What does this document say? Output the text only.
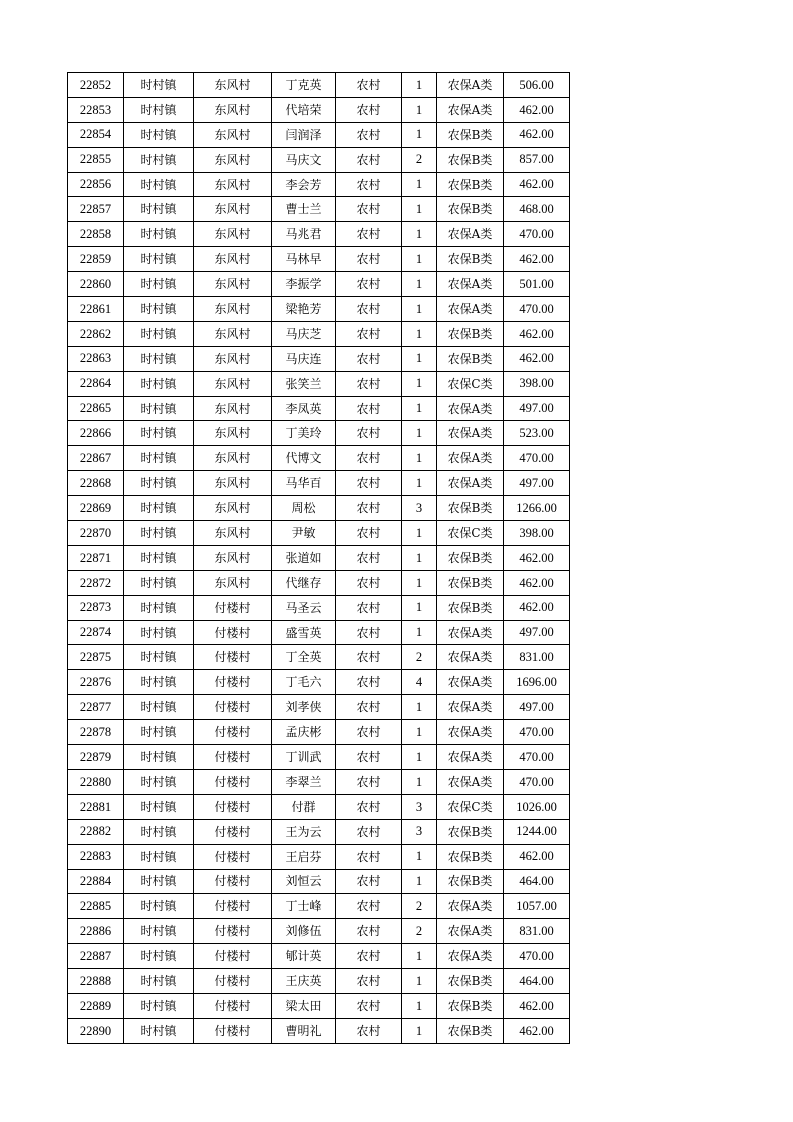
22852	时村镇	东风村	丁克英	农村	1	农保A类	506.00
22853	时村镇	东风村	代培荣	农村	1	农保A类	462.00
22854	时村镇	东风村	闫润泽	农村	1	农保B类	462.00
22855	时村镇	东风村	马庆文	农村	2	农保B类	857.00
22856	时村镇	东风村	李会芳	农村	1	农保B类	462.00
22857	时村镇	东风村	曹士兰	农村	1	农保B类	468.00
22858	时村镇	东风村	马兆君	农村	1	农保A类	470.00
22859	时村镇	东风村	马林早	农村	1	农保B类	462.00
22860	时村镇	东风村	李振学	农村	1	农保A类	501.00
22861	时村镇	东风村	梁艳芳	农村	1	农保A类	470.00
22862	时村镇	东风村	马庆芝	农村	1	农保B类	462.00
22863	时村镇	东风村	马庆连	农村	1	农保B类	462.00
22864	时村镇	东风村	张笑兰	农村	1	农保C类	398.00
22865	时村镇	东风村	李凤英	农村	1	农保A类	497.00
22866	时村镇	东风村	丁美玲	农村	1	农保A类	523.00
22867	时村镇	东风村	代博文	农村	1	农保A类	470.00
22868	时村镇	东风村	马华百	农村	1	农保A类	497.00
22869	时村镇	东风村	周松	农村	3	农保B类	1266.00
22870	时村镇	东风村	尹敏	农村	1	农保C类	398.00
22871	时村镇	东风村	张道如	农村	1	农保B类	462.00
22872	时村镇	东风村	代继存	农村	1	农保B类	462.00
22873	时村镇	付楼村	马圣云	农村	1	农保B类	462.00
22874	时村镇	付楼村	盛雪英	农村	1	农保A类	497.00
22875	时村镇	付楼村	丁全英	农村	2	农保A类	831.00
22876	时村镇	付楼村	丁毛六	农村	4	农保A类	1696.00
22877	时村镇	付楼村	刘孝侠	农村	1	农保A类	497.00
22878	时村镇	付楼村	孟庆彬	农村	1	农保A类	470.00
22879	时村镇	付楼村	丁训武	农村	1	农保A类	470.00
22880	时村镇	付楼村	李翠兰	农村	1	农保A类	470.00
22881	时村镇	付楼村	付群	农村	3	农保C类	1026.00
22882	时村镇	付楼村	王为云	农村	3	农保B类	1244.00
22883	时村镇	付楼村	王启芬	农村	1	农保B类	462.00
22884	时村镇	付楼村	刘恒云	农村	1	农保B类	464.00
22885	时村镇	付楼村	丁士峰	农村	2	农保A类	1057.00
22886	时村镇	付楼村	刘修伍	农村	2	农保A类	831.00
22887	时村镇	付楼村	郇计英	农村	1	农保A类	470.00
22888	时村镇	付楼村	王庆英	农村	1	农保B类	464.00
22889	时村镇	付楼村	梁太田	农村	1	农保B类	462.00
22890	时村镇	付楼村	曹明礼	农村	1	农保B类	462.00
